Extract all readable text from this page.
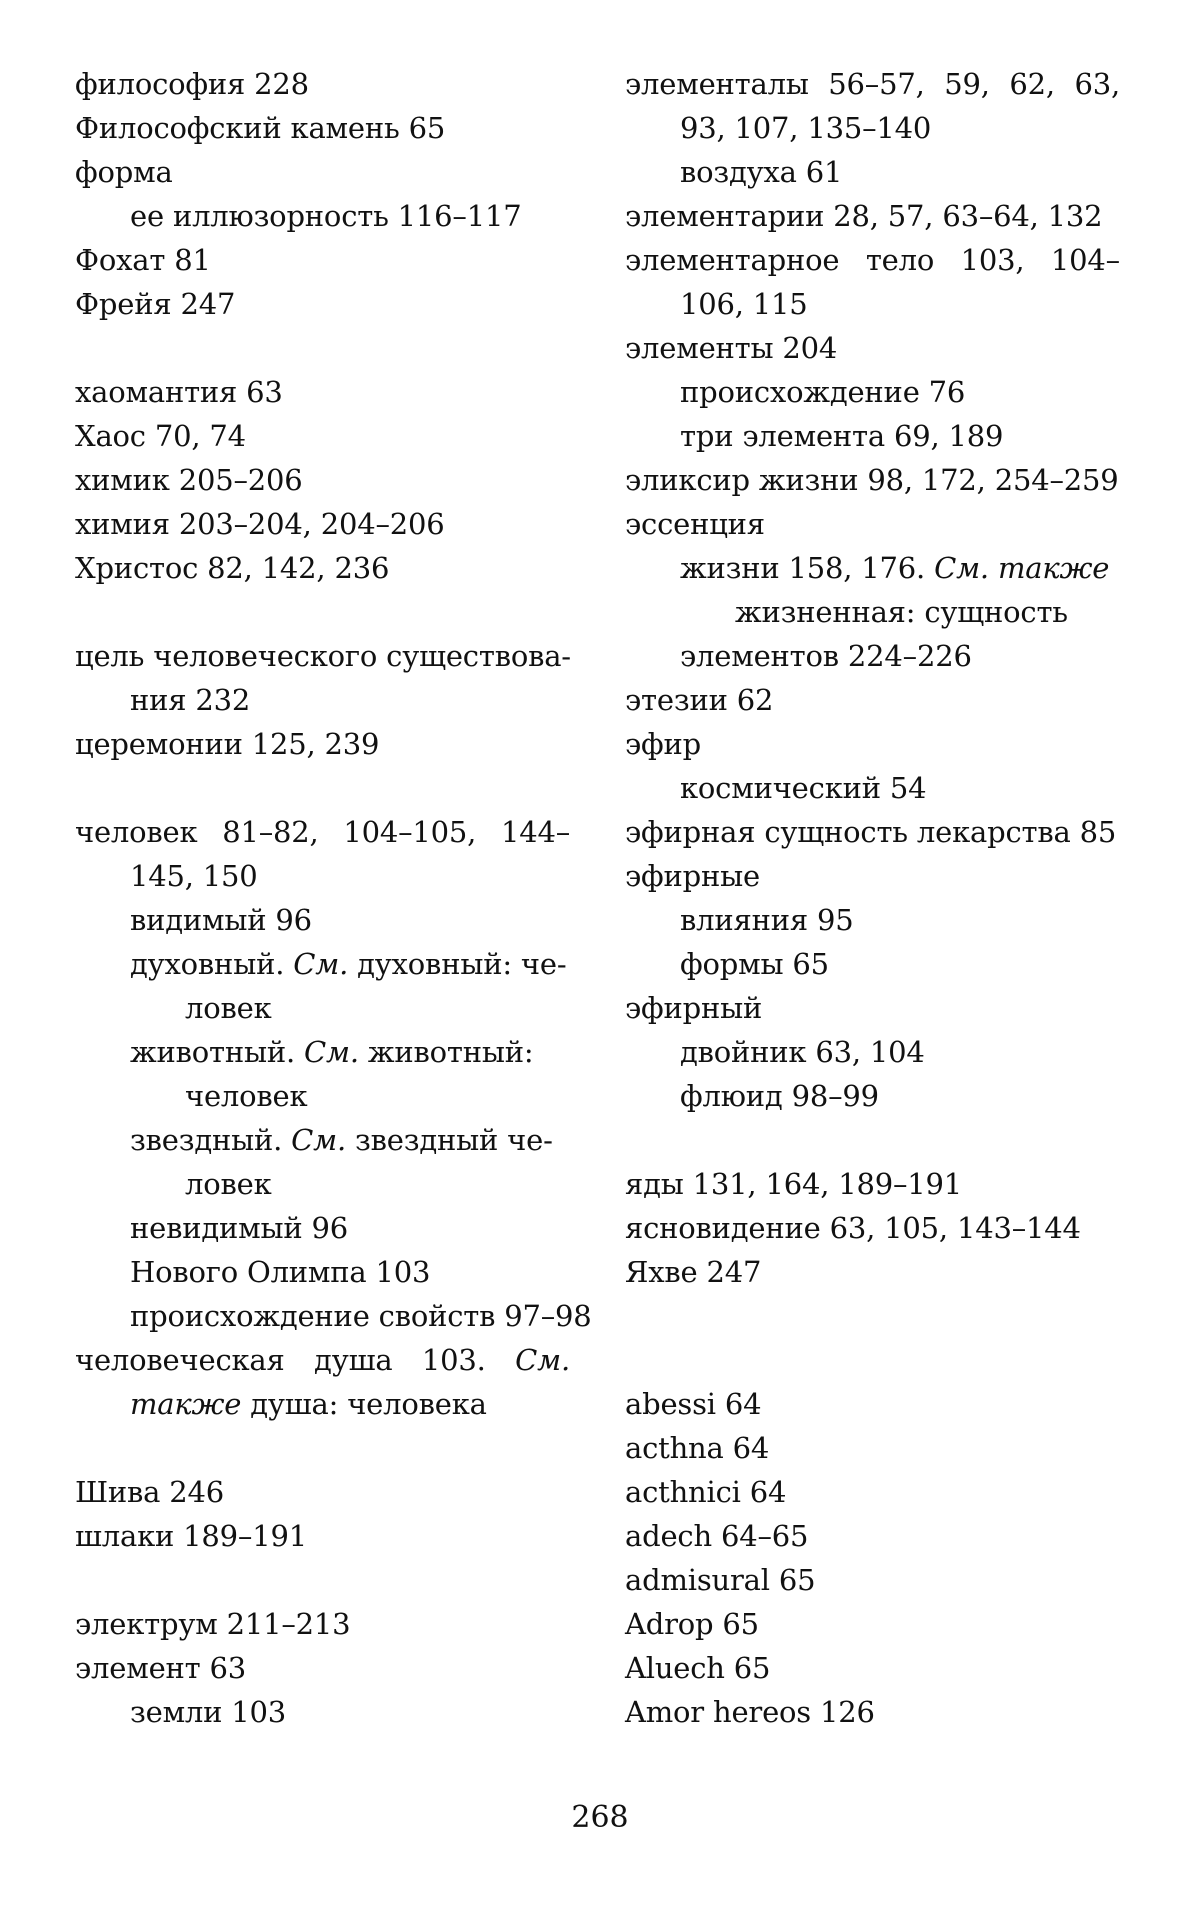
философия 228
Философский камень 65
форма
ее иллюзорность 116–117
Фохат 81
Фрейя 247
хаомантия 63
Хаос 70, 74
химик 205–206
химия 203–204, 204–206
Христос 82, 142, 236
цель человеческого существова-
ния 232
церемонии 125, 239
человек 81–82, 104–105, 144–
145, 150
видимый 96
духовный. См. духовный: че-
ловек
животный. См. животный:
человек
звездный. См. звездный че-
ловек
невидимый 96
Нового Олимпа 103
происхождение свойств 97–98
человеческая душа 103. См.
также душа: человека
Шива 246
шлаки 189–191
электрум 211–213
элемент 63
земли 103
элементалы 56–57, 59, 62, 63,
93, 107, 135–140
воздуха 61
элементарии 28, 57, 63–64, 132
элементарное тело 103, 104–
106, 115
элементы 204
происхождение 76
три элемента 69, 189
эликсир жизни 98, 172, 254–259
эссенция
жизни 158, 176. См. также
жизненная: сущность
элементов 224–226
этезии 62
эфир
космический 54
эфирная сущность лекарства 85
эфирные
влияния 95
формы 65
эфирный
двойник 63, 104
флюид 98–99
яды 131, 164, 189–191
ясновидение 63, 105, 143–144
Яхве 247
abessi 64
acthna 64
acthnici 64
adech 64–65
admisural 65
Adrop 65
Aluech 65
Amor hereos 126
268
